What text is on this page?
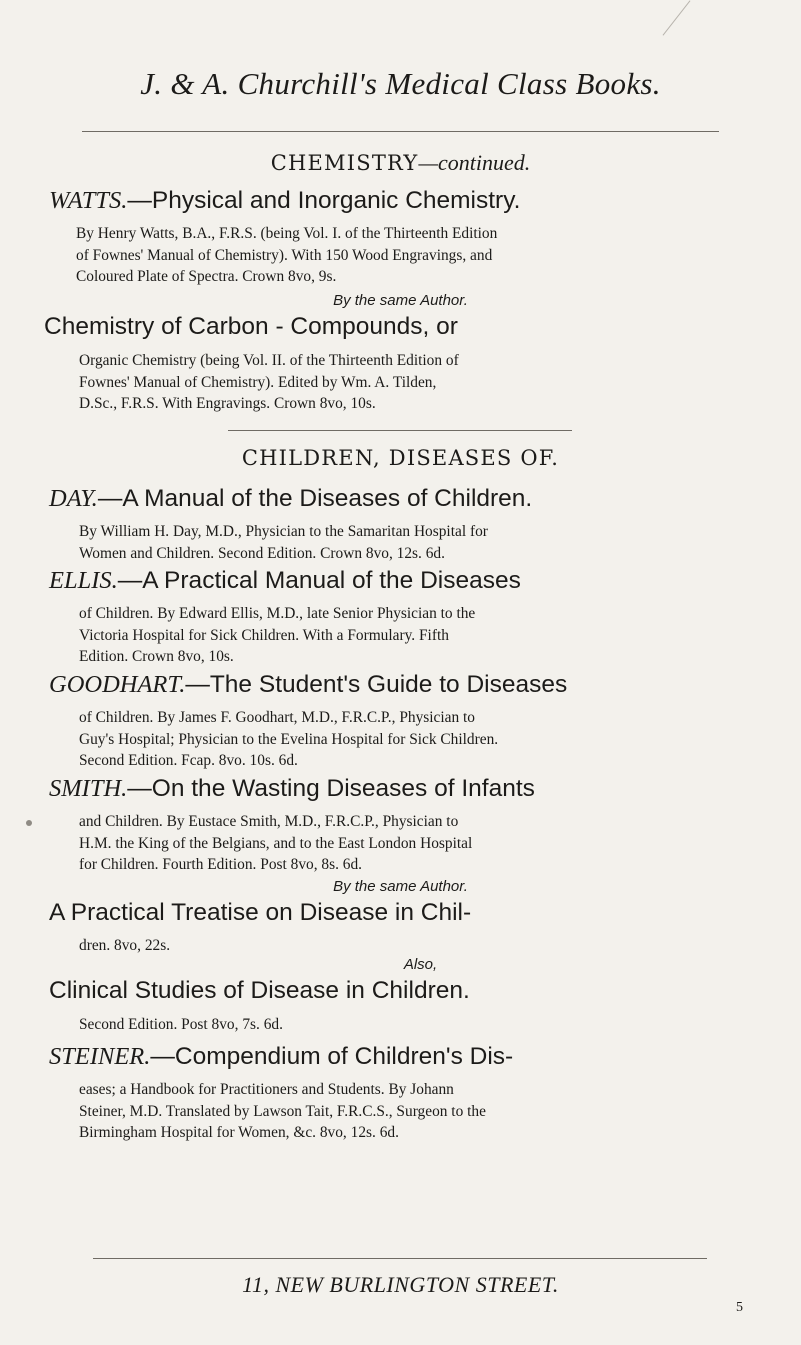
J. & A. Churchill's Medical Class Books.
CHEMISTRY—continued.
WATTS.—Physical and Inorganic Chemistry.
By Henry Watts, B.A., F.R.S. (being Vol. I. of the Thirteenth Edition
of Fownes' Manual of Chemistry). With 150 Wood Engravings, and
Coloured Plate of Spectra. Crown 8vo, 9s.
By the same Author.
Chemistry of Carbon - Compounds, or
Organic Chemistry (being Vol. II. of the Thirteenth Edition of
Fownes' Manual of Chemistry). Edited by Wm. A. Tilden,
D.Sc., F.R.S. With Engravings. Crown 8vo, 10s.
CHILDREN, DISEASES OF.
DAY.—A Manual of the Diseases of Children.
By William H. Day, M.D., Physician to the Samaritan Hospital for
Women and Children. Second Edition. Crown 8vo, 12s. 6d.
ELLIS.—A Practical Manual of the Diseases
of Children. By Edward Ellis, M.D., late Senior Physician to the
Victoria Hospital for Sick Children. With a Formulary. Fifth
Edition. Crown 8vo, 10s.
GOODHART.—The Student's Guide to Diseases
of Children. By James F. Goodhart, M.D., F.R.C.P., Physician to
Guy's Hospital; Physician to the Evelina Hospital for Sick Children.
Second Edition. Fcap. 8vo. 10s. 6d.
SMITH.—On the Wasting Diseases of Infants
and Children. By Eustace Smith, M.D., F.R.C.P., Physician to
H.M. the King of the Belgians, and to the East London Hospital
for Children. Fourth Edition. Post 8vo, 8s. 6d.
By the same Author.
A Practical Treatise on Disease in Chil-
dren. 8vo, 22s.
Also,
Clinical Studies of Disease in Children.
Second Edition. Post 8vo, 7s. 6d.
STEINER.—Compendium of Children's Dis-
eases; a Handbook for Practitioners and Students. By Johann
Steiner, M.D. Translated by Lawson Tait, F.R.C.S., Surgeon to the
Birmingham Hospital for Women, &c. 8vo, 12s. 6d.
11, NEW BURLINGTON STREET.
5
